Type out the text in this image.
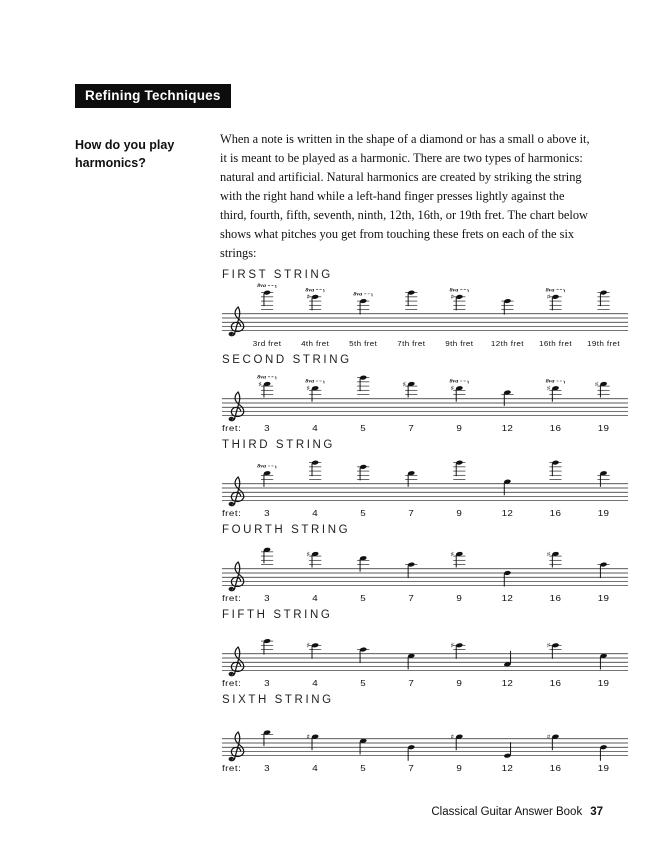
Refining Techniques
How do you play
harmonics?

When a note is written in the shape of a diamond or has a small o above it, it is meant to be played as a harmonic. There are two types of harmonics: natural and artificial. Natural harmonics are created by striking the string with the right hand while a left-hand finger presses lightly against the third, fourth, fifth, seventh, ninth, 12th, 16th, or 19th fret. The chart below shows what pitches you get from touching these frets on each of the six strings:

FIRST STRING
8va
♯
8va
8va	♯
8va
♯
8va
3rd fret 4th fret 5th fret 7th fret 9th fret 12th fret 16th fret 19th fret
SECOND STRING
♯
8va
♯
8va	♯
♯
8va
♯
8va	♯
fret: 3	4	5	7	9	12	16	19
THIRD STRING
8va
fret: 3	4	5	7	9	12	16	19
FOURTH STRING
♯	♯	♯
fret: 3	4	5	7	9	12	16	19
FIFTH STRING
♯	♯	♯
fret: 3	4	5	7	9	12	16	19
SIXTH STRING
♯	♯	♯
fret: 3	4	5	7	9	12	16	19
Classical Guitar Answer Book 37
